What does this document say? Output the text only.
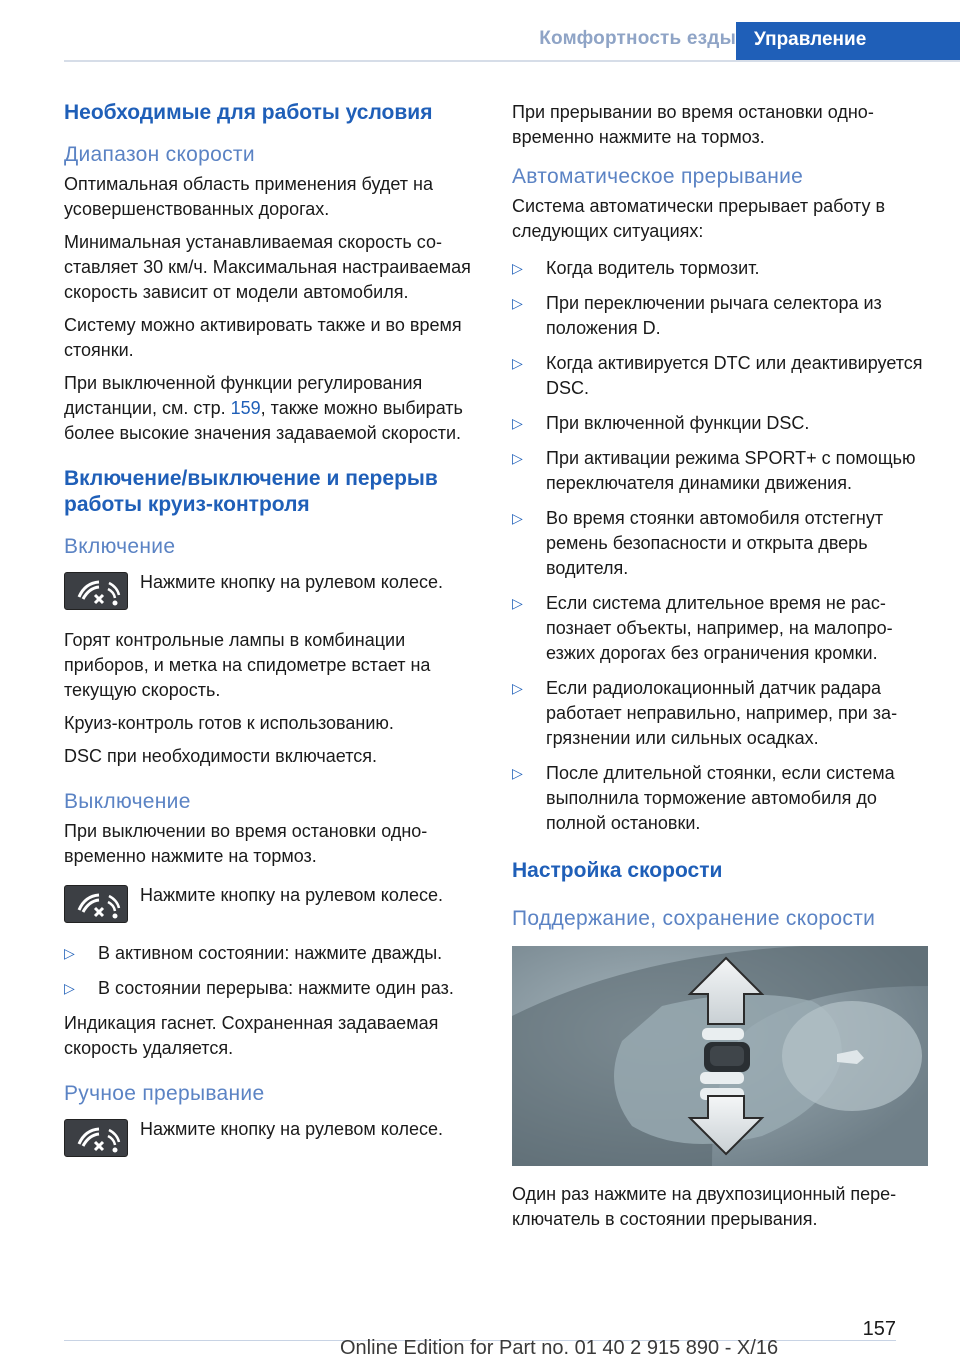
Комфортность езды Управление
Необходимые для работы условия
Диапазон скорости

Оптимальная область применения будет на усовершенствованных дорогах.

Минимальная устанавливаемая скорость составляет 30 км/ч. Максимальная настраиваемая скорость зависит от модели автомобиля.

Систему можно активировать также и во время стоянки.

При выключенной функции регулирования дистанции, см. стр. 159, также можно выбирать более высокие значения задаваемой скорости.

Включение/выключение и перерыв работы круиз-контроля
Включение

Нажмите кнопку на рулевом колесе.

Горят контрольные лампы в комбинации приборов, и метка на спидометре встает на текущую скорость.

Круиз-контроль готов к использованию.

DSC при необходимости включается.

Выключение

При выключении во время остановки одновременно нажмите на тормоз.

Нажмите кнопку на рулевом колесе.

▷ В активном состоянии: нажмите дважды.
▷ В состоянии перерыва: нажмите один раз.

Индикация гаснет. Сохраненная задаваемая скорость удаляется.

Ручное прерывание

Нажмите кнопку на рулевом колесе.

При прерывании во время остановки одновременно нажмите на тормоз.

Автоматическое прерывание

Система автоматически прерывает работу в следующих ситуациях:

▷ Когда водитель тормозит.
▷ При переключении рычага селектора из положения D.
▷ Когда активируется DTC или деактивируется DSC.
▷ При включенной функции DSC.
▷ При активации режима SPORT+ с помощью переключателя динамики движения.
▷ Во время стоянки автомобиля отстегнут ремень безопасности и открыта дверь водителя.
▷ Если система длительное время не распознает объекты, например, на малопроезжих дорогах без ограничения кромки.
▷ Если радиолокационный датчик радара работает неправильно, например, при загрязнении или сильных осадках.
▷ После длительной стоянки, если система выполнила торможение автомобиля до полной остановки.
Настройка скорости
Поддержание, сохранение скорости

Один раз нажмите на двухпозиционный переключатель в состоянии прерывания.

157
Online Edition for Part no. 01 40 2 915 890 - X/16
